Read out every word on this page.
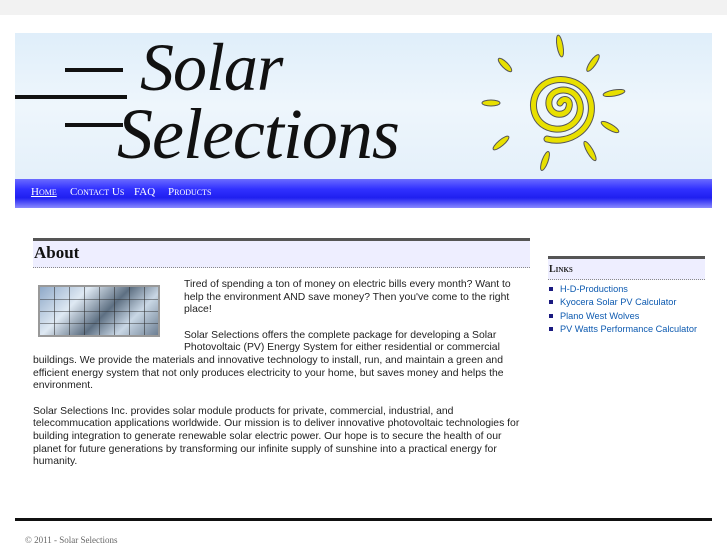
Solar
Selections
Home Contact Us FAQ Products
About

Tired of spending a ton of money on electric bills every month? Want to help the environment AND save money? Then you've come to the right place!

Solar Selections offers the complete package for developing a Solar Photovoltaic (PV) Energy System for either residential or commercial buildings. We provide the materials and innovative technology to install, run, and maintain a green and efficient energy system that not only produces electricity to your home, but saves money and helps the environment.

Solar Selections Inc. provides solar module products for private, commercial, industrial, and telecommucation applications worldwide. Our mission is to deliver innovative photovoltaic technologies for building integration to generate renewable solar electric power. Our hope is to secure the health of our planet for future generations by transforming our infinite supply of sunshine into a practical energy for humanity.

Links
H-D-Productions
Kyocera Solar PV Calculator
Plano West Wolves
PV Watts Performance Calculator
© 2011 - Solar Selections
